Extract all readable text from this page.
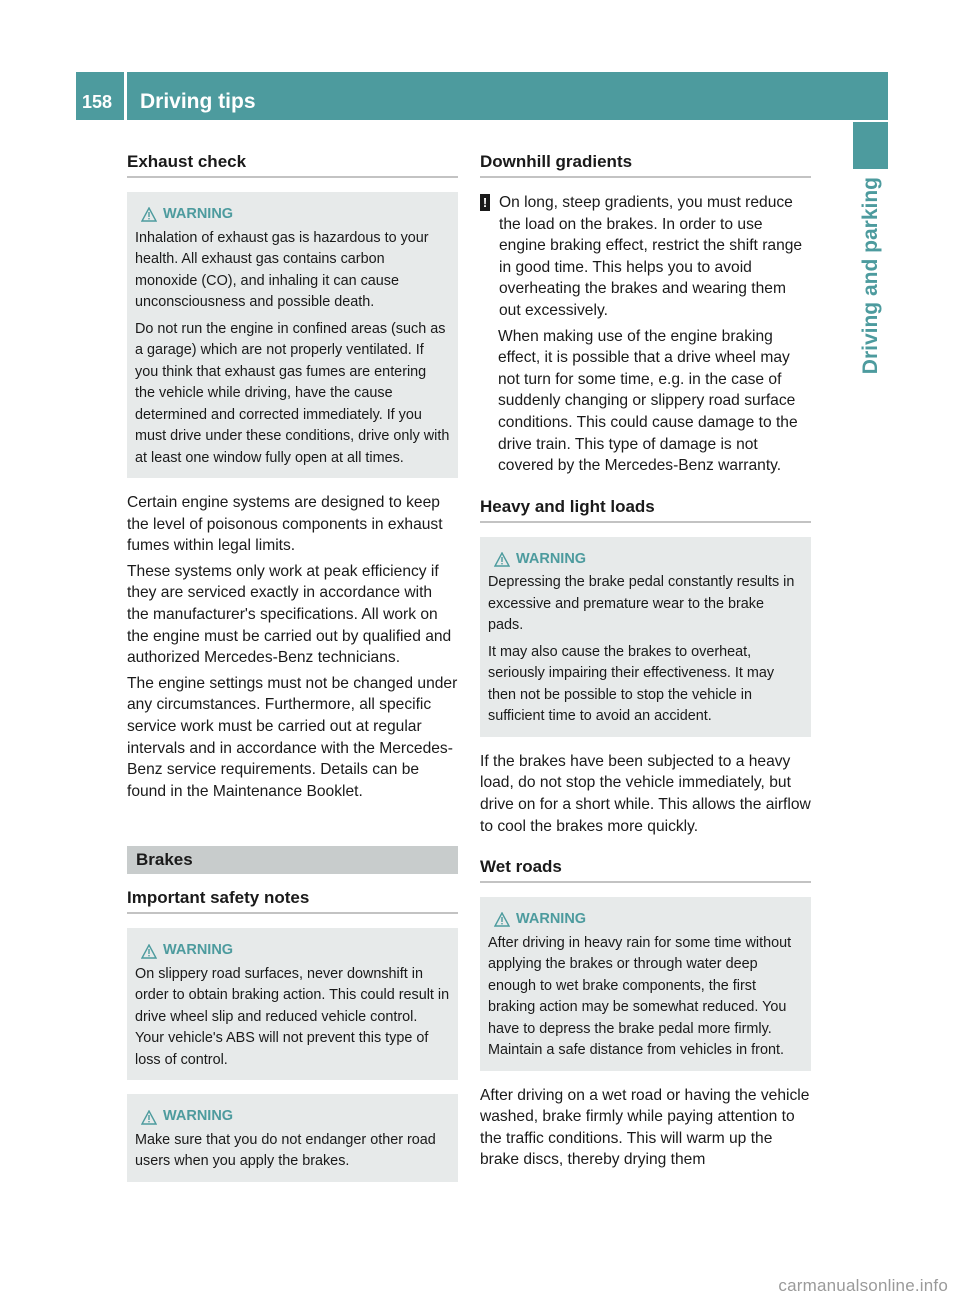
158	Driving tips
Driving and parking
Exhaust check
WARNING

Inhalation of exhaust gas is hazardous to your health. All exhaust gas contains carbon monoxide (CO), and inhaling it can cause unconsciousness and possible death.

Do not run the engine in confined areas (such as a garage) which are not properly ventilated. If you think that exhaust gas fumes are entering the vehicle while driving, have the cause determined and corrected immediately. If you must drive under these conditions, drive only with at least one window fully open at all times.

Certain engine systems are designed to keep the level of poisonous components in exhaust fumes within legal limits.

These systems only work at peak efficiency if they are serviced exactly in accordance with the manufacturer's specifications. All work on the engine must be carried out by qualified and authorized Mercedes-Benz technicians.

The engine settings must not be changed under any circumstances. Furthermore, all specific service work must be carried out at regular intervals and in accordance with the Mercedes-Benz service requirements. Details can be found in the Maintenance Booklet.

Brakes
Important safety notes
WARNING

On slippery road surfaces, never downshift in order to obtain braking action. This could result in drive wheel slip and reduced vehicle control. Your vehicle's ABS will not prevent this type of loss of control.

WARNING

Make sure that you do not endanger other road users when you apply the brakes.

Downhill gradients
! On long, steep gradients, you must reduce the load on the brakes. In order to use engine braking effect, restrict the shift range in good time. This helps you to avoid overheating the brakes and wearing them out excessively.

When making use of the engine braking effect, it is possible that a drive wheel may not turn for some time, e.g. in the case of suddenly changing or slippery road surface conditions. This could cause damage to the drive train. This type of damage is not covered by the Mercedes-Benz warranty.

Heavy and light loads
WARNING

Depressing the brake pedal constantly results in excessive and premature wear to the brake pads.

It may also cause the brakes to overheat, seriously impairing their effectiveness. It may then not be possible to stop the vehicle in sufficient time to avoid an accident.

If the brakes have been subjected to a heavy load, do not stop the vehicle immediately, but drive on for a short while. This allows the airflow to cool the brakes more quickly.

Wet roads
WARNING

After driving in heavy rain for some time without applying the brakes or through water deep enough to wet brake components, the first braking action may be somewhat reduced. You have to depress the brake pedal more firmly. Maintain a safe distance from vehicles in front.

After driving on a wet road or having the vehicle washed, brake firmly while paying attention to the traffic conditions. This will warm up the brake discs, thereby drying them

carmanualsonline.info
